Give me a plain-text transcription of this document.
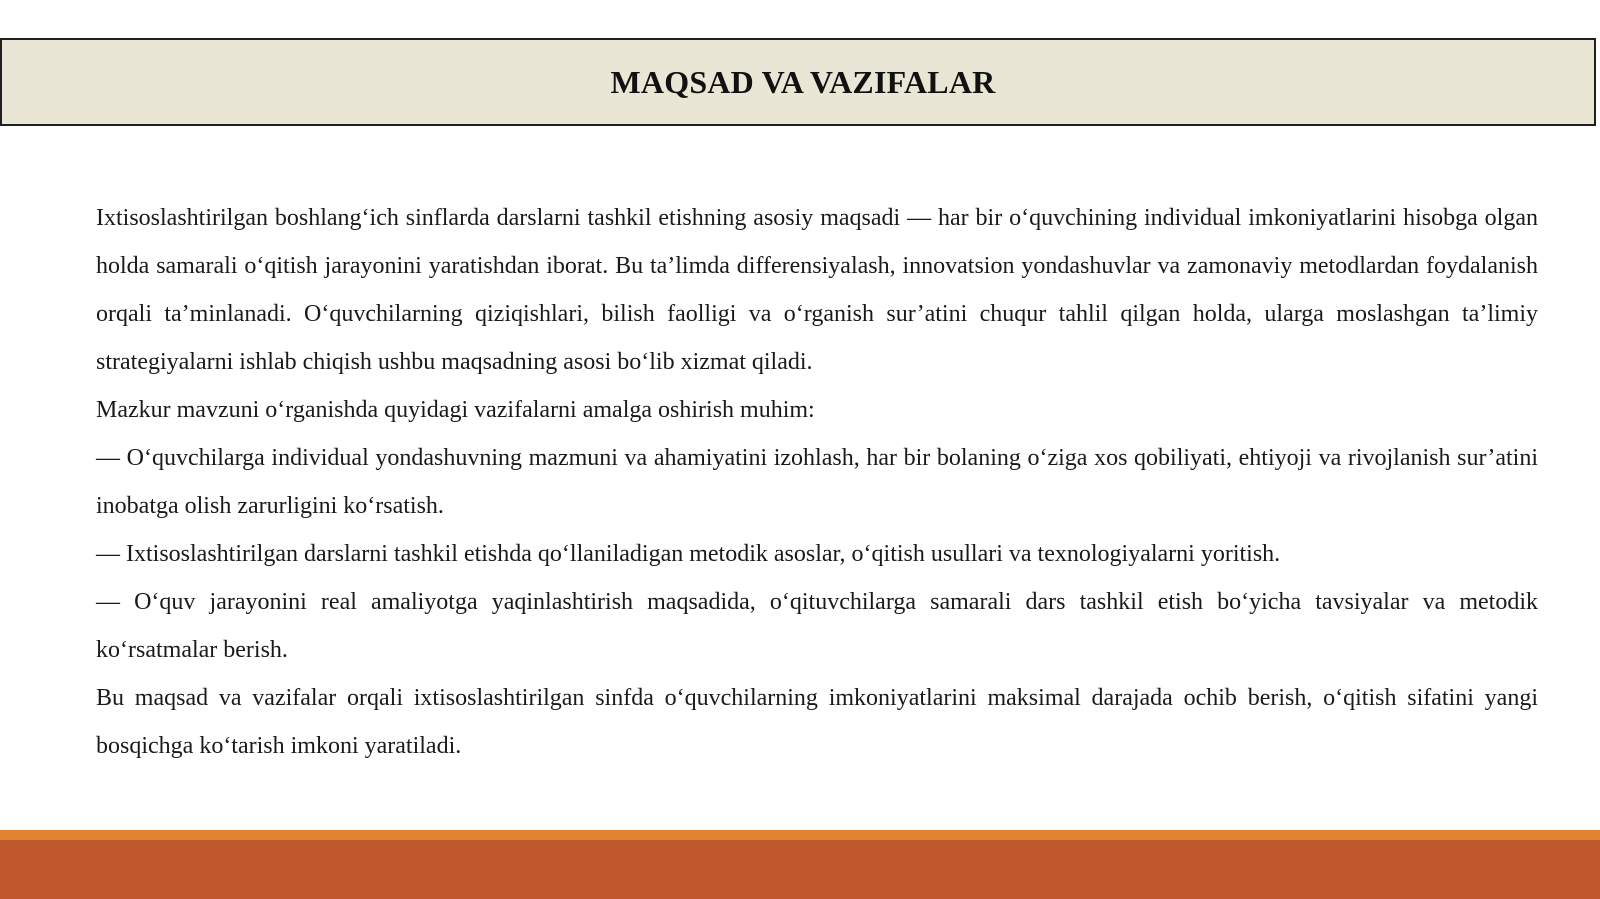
MAQSAD VA VAZIFALAR

Ixtisoslashtirilgan boshlang‘ich sinflarda darslarni tashkil etishning asosiy maqsadi — har bir o‘quvchining individual imkoniyatlarini hisobga olgan holda samarali o‘qitish jarayonini yaratishdan iborat. Bu ta’limda differensiyalash, innovatsion yondashuvlar va zamonaviy metodlardan foydalanish orqali ta’minlanadi. O‘quvchilarning qiziqishlari, bilish faolligi va o‘rganish sur’atini chuqur tahlil qilgan holda, ularga moslashgan ta’limiy strategiyalarni ishlab chiqish ushbu maqsadning asosi bo‘lib xizmat qiladi.

Mazkur mavzuni o‘rganishda quyidagi vazifalarni amalga oshirish muhim:

— O‘quvchilarga individual yondashuvning mazmuni va ahamiyatini izohlash, har bir bolaning o‘ziga xos qobiliyati, ehtiyoji va rivojlanish sur’atini inobatga olish zarurligini ko‘rsatish.

— Ixtisoslashtirilgan darslarni tashkil etishda qo‘llaniladigan metodik asoslar, o‘qitish usullari va texnologiyalarni yoritish.

— O‘quv jarayonini real amaliyotga yaqinlashtirish maqsadida, o‘qituvchilarga samarali dars tashkil etish bo‘yicha tavsiyalar va metodik ko‘rsatmalar berish.

Bu maqsad va vazifalar orqali ixtisoslashtirilgan sinfda o‘quvchilarning imkoniyatlarini maksimal darajada ochib berish, o‘qitish sifatini yangi bosqichga ko‘tarish imkoni yaratiladi.
